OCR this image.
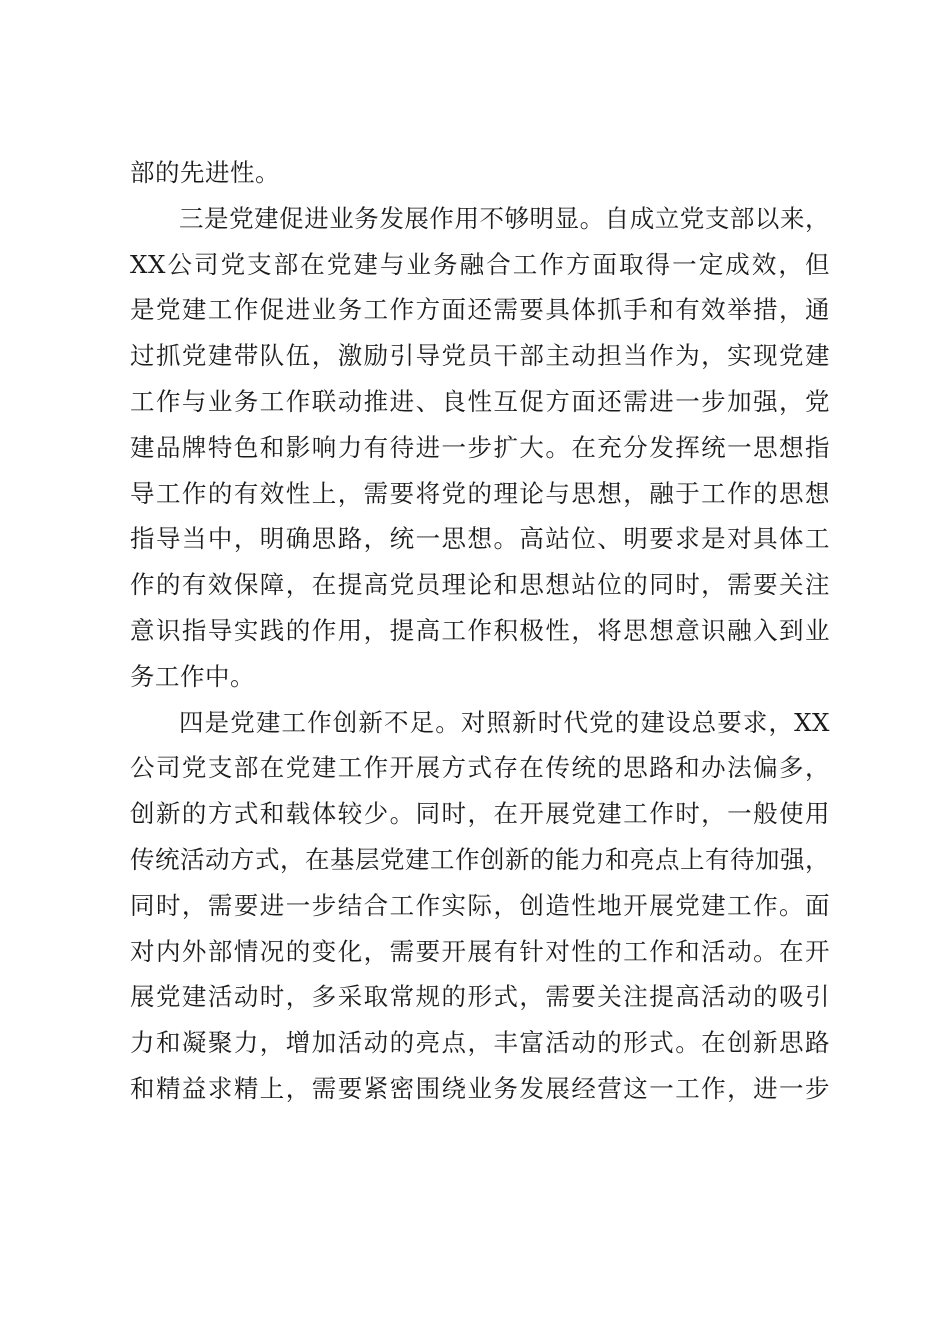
部的先进性。
三是党建促进业务发展作用不够明显。自成立党支部以来，
XX公司党支部在党建与业务融合工作方面取得一定成效，但
是党建工作促进业务工作方面还需要具体抓手和有效举措，通
过抓党建带队伍，激励引导党员干部主动担当作为，实现党建
工作与业务工作联动推进、良性互促方面还需进一步加强，党
建品牌特色和影响力有待进一步扩大。在充分发挥统一思想指
导工作的有效性上，需要将党的理论与思想，融于工作的思想
指导当中，明确思路，统一思想。高站位、明要求是对具体工
作的有效保障，在提高党员理论和思想站位的同时，需要关注
意识指导实践的作用，提高工作积极性，将思想意识融入到业
务工作中。
四是党建工作创新不足。对照新时代党的建设总要求，XX
公司党支部在党建工作开展方式存在传统的思路和办法偏多，
创新的方式和载体较少。同时，在开展党建工作时，一般使用
传统活动方式，在基层党建工作创新的能力和亮点上有待加强，
同时，需要进一步结合工作实际，创造性地开展党建工作。面
对内外部情况的变化，需要开展有针对性的工作和活动。在开
展党建活动时，多采取常规的形式，需要关注提高活动的吸引
力和凝聚力，增加活动的亮点，丰富活动的形式。在创新思路
和精益求精上，需要紧密围绕业务发展经营这一工作，进一步
